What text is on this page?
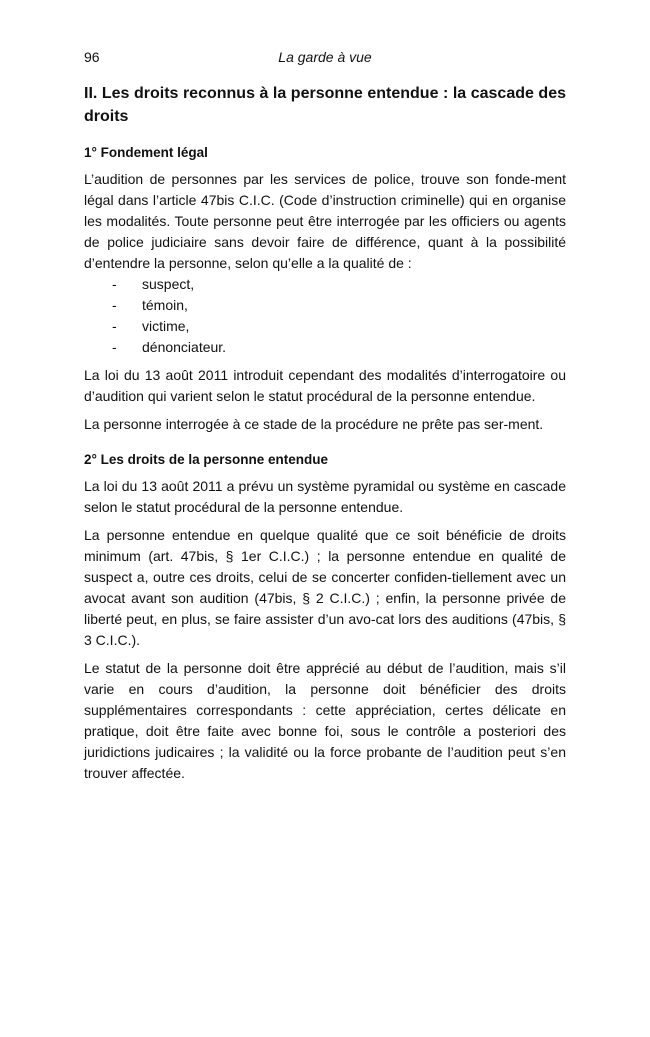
96	La garde à vue
II. Les droits reconnus à la personne entendue : la cascade des droits
1° Fondement légal

L’audition de personnes par les services de police, trouve son fonde-ment légal dans l’article 47bis C.I.C. (Code d’instruction criminelle) qui en organise les modalités. Toute personne peut être interrogée par les officiers ou agents de police judiciaire sans devoir faire de différence, quant à la possibilité d’entendre la personne, selon qu’elle a la qualité de :

- suspect,
- témoin,
- victime,
- dénonciateur.

La loi du 13 août 2011 introduit cependant des modalités d’interrogatoire ou d’audition qui varient selon le statut procédural de la personne entendue.

La personne interrogée à ce stade de la procédure ne prête pas ser-ment.

2° Les droits de la personne entendue

La loi du 13 août 2011 a prévu un système pyramidal ou système en cascade selon le statut procédural de la personne entendue.

La personne entendue en quelque qualité que ce soit bénéficie de droits minimum (art. 47bis, § 1er C.I.C.) ; la personne entendue en qualité de suspect a, outre ces droits, celui de se concerter confiden-tiellement avec un avocat avant son audition (47bis, § 2 C.I.C.) ; enfin, la personne privée de liberté peut, en plus, se faire assister d’un avo-cat lors des auditions (47bis, § 3 C.I.C.).

Le statut de la personne doit être apprécié au début de l’audition, mais s’il varie en cours d’audition, la personne doit bénéficier des droits supplémentaires correspondants : cette appréciation, certes délicate en pratique, doit être faite avec bonne foi, sous le contrôle a posteriori des juridictions judicaires ; la validité ou la force probante de l’audition peut s’en trouver affectée.
